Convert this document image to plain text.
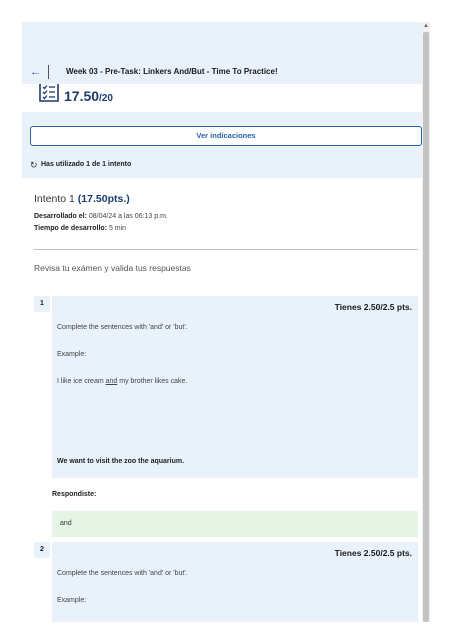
←	Week 03 - Pre-Task: Linkers And/But - Time To Practice!
17.50/20
Ver indicaciones
↻ Has utilizado 1 de 1 intento
Intento 1 (17.50pts.)
Desarrollado el: 08/04/24 a las 06:13 p.m.
Tiempo de desarrollo: 5 min
Revisa tu exámen y valida tus respuestas
1	Tienes 2.50/2.5 pts.
Complete the sentences with 'and' or 'but'.
Example:
I like ice cream and my brother likes cake.
We want to visit the zoo the aquarium.
Respondiste:
and
2	Tienes 2.50/2.5 pts.
Complete the sentences with 'and' or 'but'.
Example:
▲
